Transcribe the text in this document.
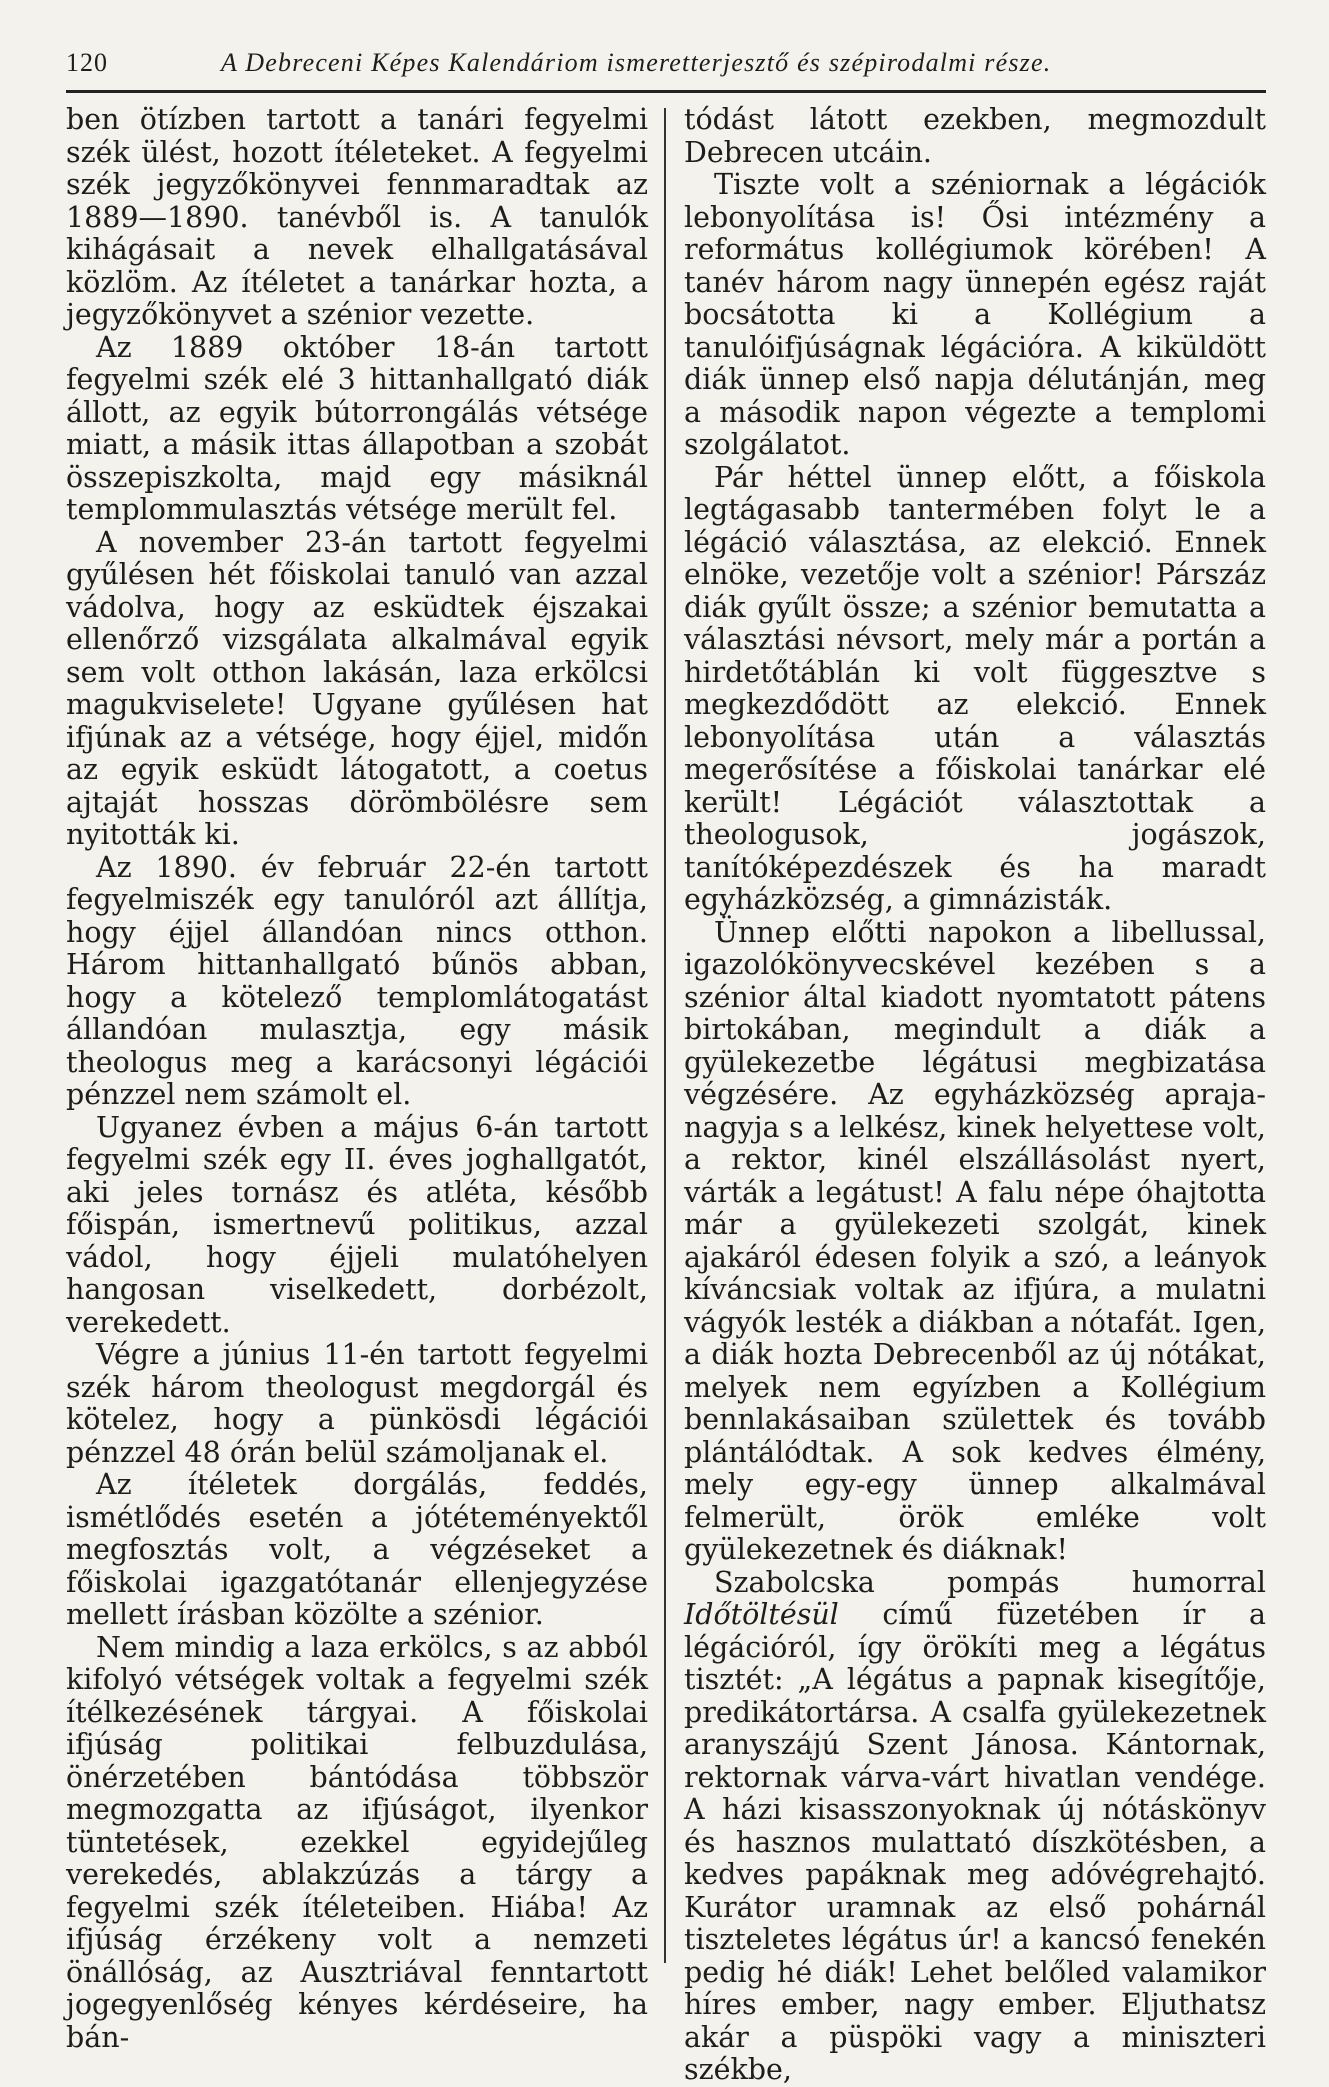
120	A Debreceni Képes Kalendáriom ismeretterjesztő és szépirodalmi része.

ben ötízben tartott a tanári fegyelmi szék ülést, hozott ítéleteket. A fegyelmi szék jegyzőkönyvei fennmaradtak az 1889—1890. tanévből is. A tanulók kihágásait a nevek elhallgatásával közlöm. Az ítéletet a tanárkar hozta, a jegyzőkönyvet a szénior vezette.

Az 1889 október 18-án tartott fegyelmi szék elé 3 hittanhallgató diák állott, az egyik bútorrongálás vétsége miatt, a másik ittas állapotban a szobát összepiszkolta, majd egy másiknál templommulasztás vétsége merült fel.

A november 23-án tartott fegyelmi gyűlésen hét főiskolai tanuló van azzal vádolva, hogy az esküdtek éjszakai ellenőrző vizsgálata alkalmával egyik sem volt otthon lakásán, laza erkölcsi magukviselete! Ugyane gyűlésen hat ifjúnak az a vétsége, hogy éjjel, midőn az egyik esküdt látogatott, a coetus ajtaját hosszas dörömbölésre sem nyitották ki.

Az 1890. év február 22-én tartott fegyelmiszék egy tanulóról azt állítja, hogy éjjel állandóan nincs otthon. Három hittanhallgató bűnös abban, hogy a kötelező templomlátogatást állandóan mulasztja, egy másik theologus meg a karácsonyi légációi pénzzel nem számolt el.

Ugyanez évben a május 6-án tartott fegyelmi szék egy II. éves joghallgatót, aki jeles tornász és atléta, később főispán, ismertnevű politikus, azzal vádol, hogy éjjeli mulatóhelyen hangosan viselkedett, dorbézolt, verekedett.

Végre a június 11-én tartott fegyelmi szék három theologust megdorgál és kötelez, hogy a pünkösdi légációi pénzzel 48 órán belül számoljanak el.

Az ítéletek dorgálás, feddés, ismétlődés esetén a jótéteményektől megfosztás volt, a végzéseket a főiskolai igazgatótanár ellenjegyzése mellett írásban közölte a szénior.

Nem mindig a laza erkölcs, s az abból kifolyó vétségek voltak a fegyelmi szék ítélkezésének tárgyai. A főiskolai ifjúság politikai felbuzdulása, önérzetében bántódása többször megmozgatta az ifjúságot, ilyenkor tüntetések, ezekkel egyidejűleg verekedés, ablakzúzás a tárgy a fegyelmi szék ítéleteiben. Hiába! Az ifjúság érzékeny volt a nemzeti önállóság, az Ausztriával fenntartott jogegyenlőség kényes kérdéseire, ha bán-

tódást látott ezekben, megmozdult Debrecen utcáin.

Tiszte volt a széniornak a légációk lebonyolítása is! Ősi intézmény a református kollégiumok körében! A tanév három nagy ünnepén egész raját bocsátotta ki a Kollégium a tanulóifjúságnak légációra. A kiküldött diák ünnep első napja délutánján, meg a második napon végezte a templomi szolgálatot.

Pár héttel ünnep előtt, a főiskola legtágasabb tantermében folyt le a légáció választása, az elekció. Ennek elnöke, vezetője volt a szénior! Párszáz diák gyűlt össze; a szénior bemutatta a választási névsort, mely már a portán a hirdetőtáblán ki volt függesztve s megkezdődött az elekció. Ennek lebonyolítása után a választás megerősítése a főiskolai tanárkar elé került! Légációt választottak a theologusok, jogászok, tanítóképezdészek és ha maradt egyházközség, a gimnázisták.

Ünnep előtti napokon a libellussal, igazolókönyvecskével kezében s a szénior által kiadott nyomtatott pátens birtokában, megindult a diák a gyülekezetbe légátusi megbizatása végzésére. Az egyházközség apraja-nagyja s a lelkész, kinek helyettese volt, a rektor, kinél elszállásolást nyert, várták a legátust! A falu népe óhajtotta már a gyülekezeti szolgát, kinek ajakáról édesen folyik a szó, a leányok kíváncsiak voltak az ifjúra, a mulatni vágyók lesték a diákban a nótafát. Igen, a diák hozta Debrecenből az új nótákat, melyek nem egyízben a Kollégium bennlakásaiban születtek és tovább plántálódtak. A sok kedves élmény, mely egy-egy ünnep alkalmával felmerült, örök emléke volt gyülekezetnek és diáknak!

Szabolcska pompás humorral Időtöltésül című füzetében ír a légációról, így örökíti meg a légátus tisztét: „A légátus a papnak kisegítője, predikátortársa. A csalfa gyülekezetnek aranyszájú Szent Jánosa. Kántornak, rektornak várva-várt hivatlan vendége. A házi kisasszonyoknak új nótáskönyv és hasznos mulattató díszkötésben, a kedves papáknak meg adóvégrehajtó. Kurátor uramnak az első pohárnál tiszteletes légátus úr! a kancsó fenekén pedig hé diák! Lehet belőled valamikor híres ember, nagy ember. Eljuthatsz akár a püspöki vagy a miniszteri székbe,
